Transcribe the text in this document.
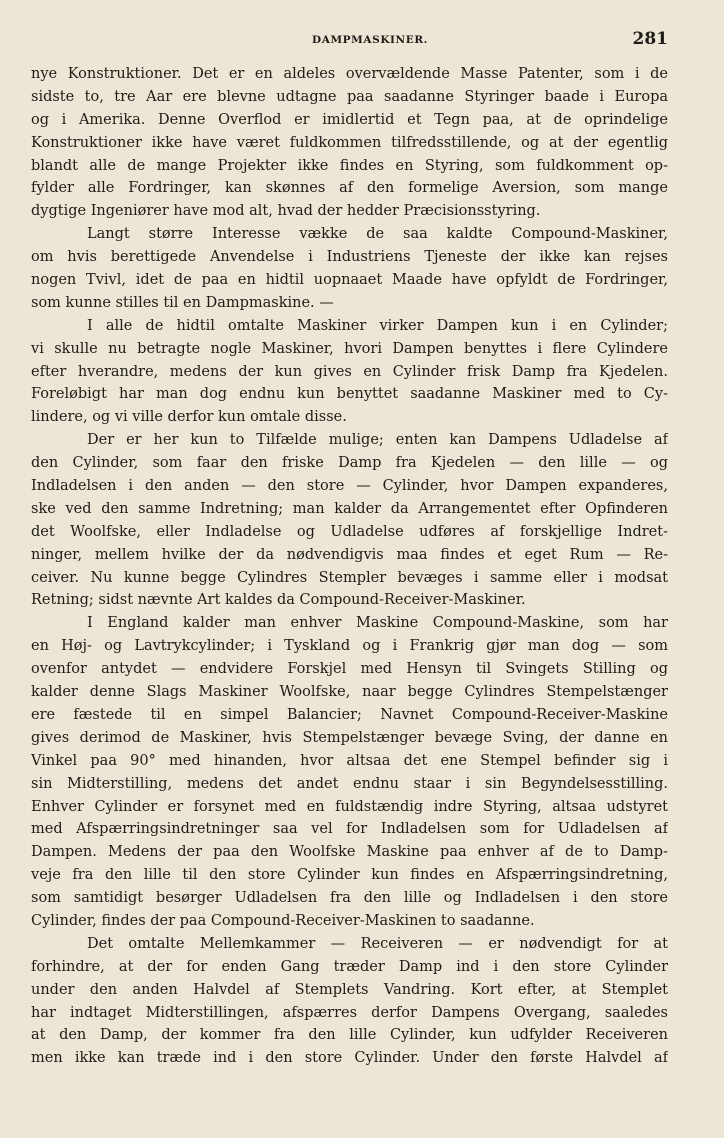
DAMPMASKINER.	281
nye Konstruktioner. Det er en aldeles overvældende Masse Patenter, som i de
sidste to, tre Aar ere blevne udtagne paa saadanne Styringer baade i Europa
og i Amerika. Denne Overflod er imidlertid et Tegn paa, at de oprindelige
Konstruktioner ikke have været fuldkommen tilfredsstillende, og at der egentlig
blandt alle de mange Projekter ikke findes en Styring, som fuldkomment op-
fylder alle Fordringer, kan skønnes af den formelige Aversion, som mange
dygtige Ingeniører have mod alt, hvad der hedder Præcisionsstyring.
Langt større Interesse vække de saa kaldte Compound-Maskiner,
om hvis berettigede Anvendelse i Industriens Tjeneste der ikke kan rejses
nogen Tvivl, idet de paa en hidtil uopnaaet Maade have opfyldt de Fordringer,
som kunne stilles til en Dampmaskine. —
I alle de hidtil omtalte Maskiner virker Dampen kun i en Cylinder;
vi skulle nu betragte nogle Maskiner, hvori Dampen benyttes i flere Cylindere
efter hverandre, medens der kun gives en Cylinder frisk Damp fra Kjedelen.
Foreløbigt har man dog endnu kun benyttet saadanne Maskiner med to Cy-
lindere, og vi ville derfor kun omtale disse.
Der er her kun to Tilfælde mulige; enten kan Dampens Udladelse af
den Cylinder, som faar den friske Damp fra Kjedelen — den lille — og
Indladelsen i den anden — den store — Cylinder, hvor Dampen expanderes,
ske ved den samme Indretning; man kalder da Arrangementet efter Opfinderen
det Woolfske, eller Indladelse og Udladelse udføres af forskjellige Indret-
ninger, mellem hvilke der da nødvendigvis maa findes et eget Rum — Re-
ceiver. Nu kunne begge Cylindres Stempler bevæges i samme eller i modsat
Retning; sidst nævnte Art kaldes da Compound-Receiver-Maskiner.
I England kalder man enhver Maskine Compound-Maskine, som har
en Høj- og Lavtrykcylinder; i Tyskland og i Frankrig gjør man dog — som
ovenfor antydet — endvidere Forskjel med Hensyn til Svingets Stilling og
kalder denne Slags Maskiner Woolfske, naar begge Cylindres Stempelstænger
ere fæstede til en simpel Balancier; Navnet Compound-Receiver-Maskine
gives derimod de Maskiner, hvis Stempelstænger bevæge Sving, der danne en
Vinkel paa 90° med hinanden, hvor altsaa det ene Stempel befinder sig i
sin Midterstilling, medens det andet endnu staar i sin Begyndelsesstilling.
Enhver Cylinder er forsynet med en fuldstændig indre Styring, altsaa udstyret
med Afspærringsindretninger saa vel for Indladelsen som for Udladelsen af
Dampen. Medens der paa den Woolfske Maskine paa enhver af de to Damp-
veje fra den lille til den store Cylinder kun findes en Afspærringsindretning,
som samtidigt besørger Udladelsen fra den lille og Indladelsen i den store
Cylinder, findes der paa Compound-Receiver-Maskinen to saadanne.
Det omtalte Mellemkammer — Receiveren — er nødvendigt for at
forhindre, at der for enden Gang træder Damp ind i den store Cylinder
under den anden Halvdel af Stemplets Vandring. Kort efter, at Stemplet
har indtaget Midterstillingen, afspærres derfor Dampens Overgang, saaledes
at den Damp, der kommer fra den lille Cylinder, kun udfylder Receiveren
men ikke kan træde ind i den store Cylinder. Under den første Halvdel af
